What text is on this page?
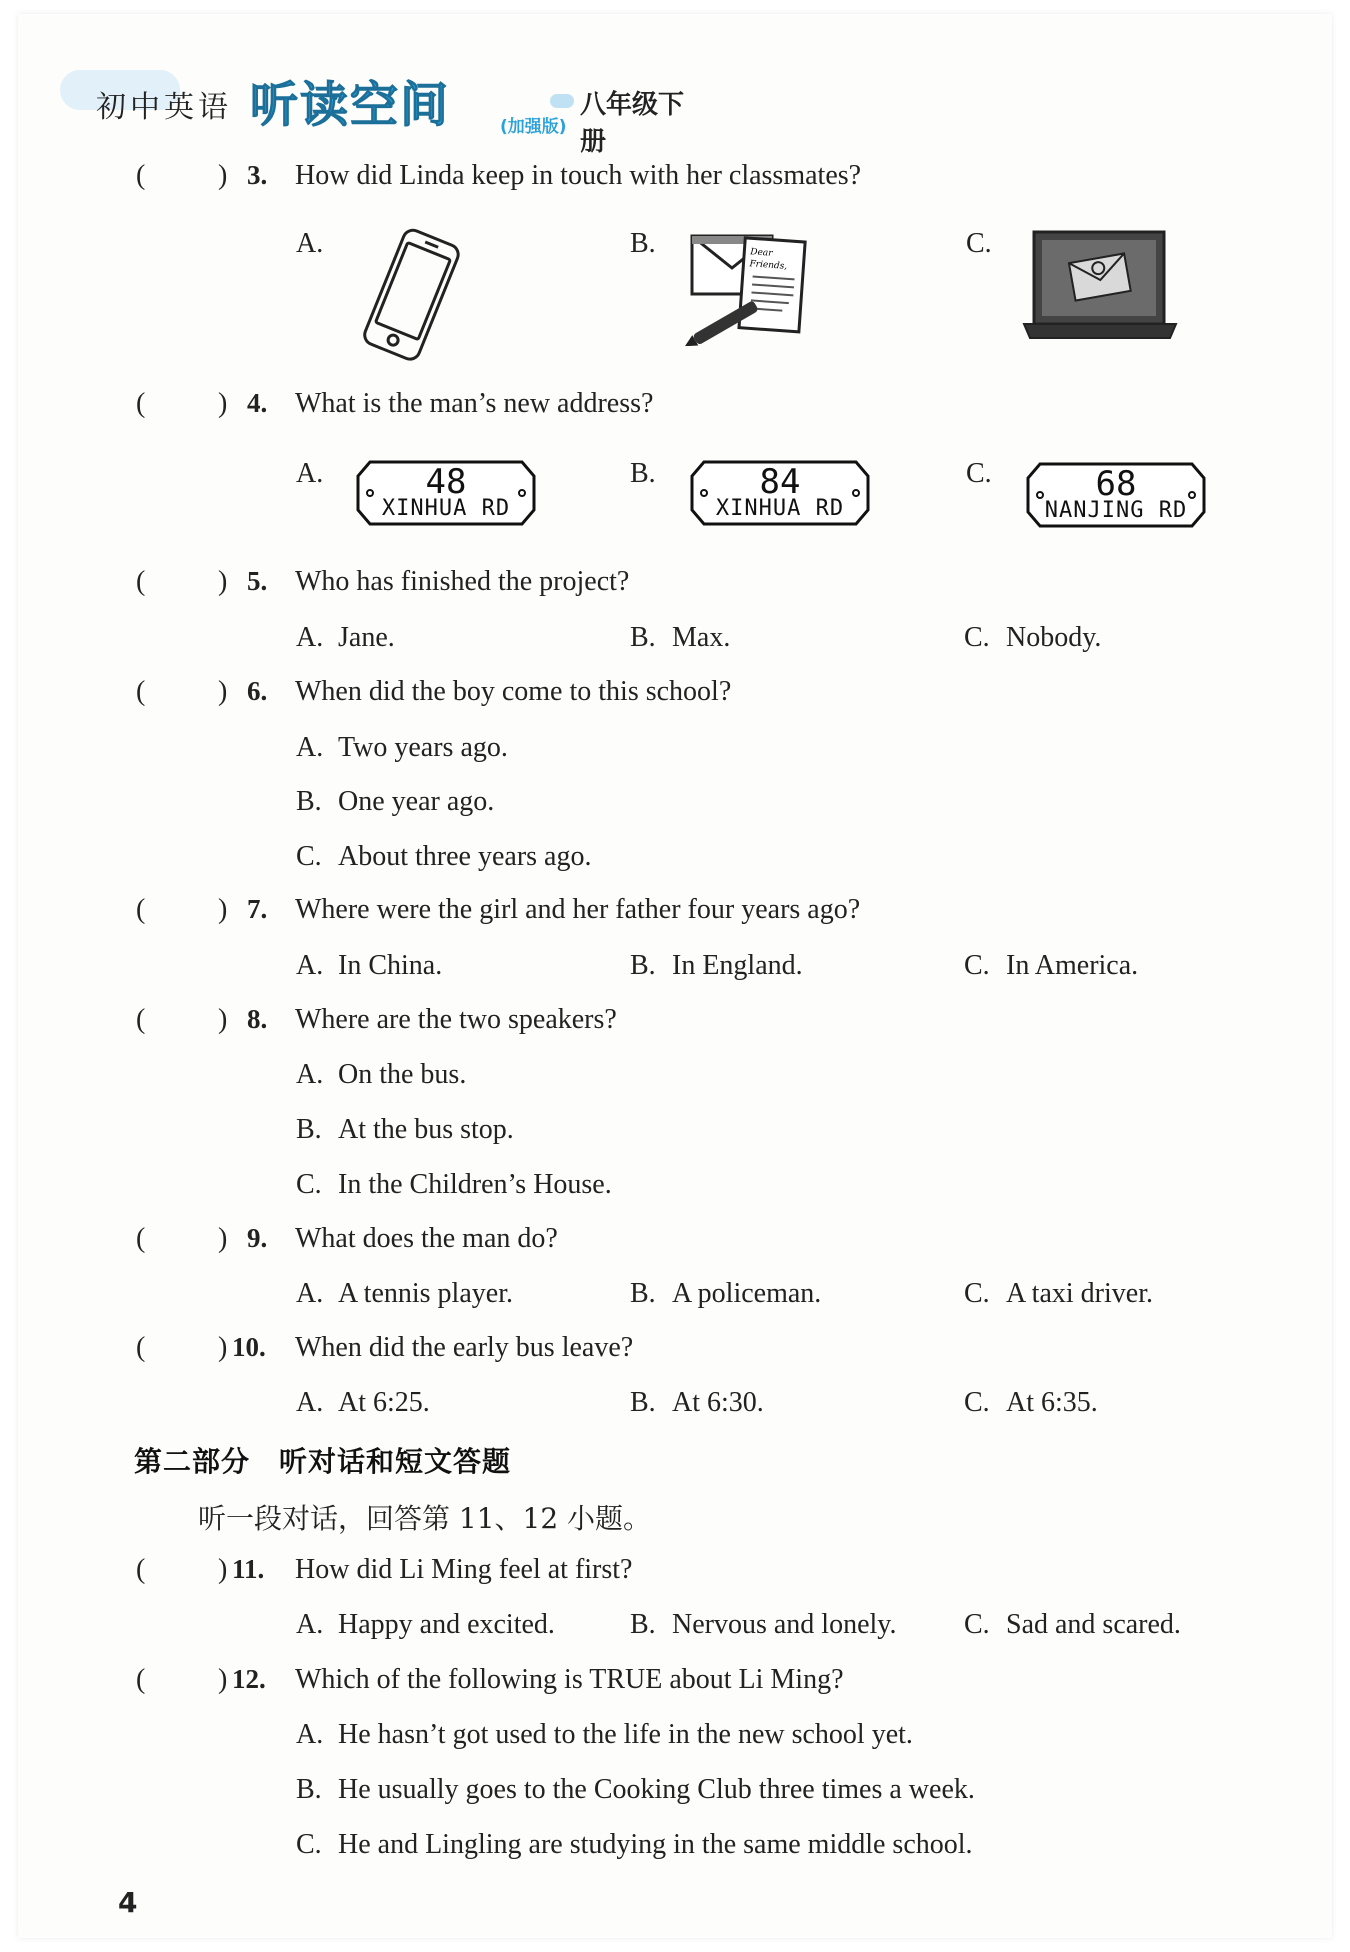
初中英语 听读空间	(加强版)
八年级下册
(	) 3. How did Linda keep in touch with her classmates?
A.	B.	C.
Dear
Friends,
(	) 4. What is the man’s new address?
A.	B.	C.
48
XINHUA RD
84
XINHUA RD
68
NANJING RD
(	) 5. Who has finished the project?
A. Jane.	B. Max.	C. Nobody.
(	) 6. When did the boy come to this school?
A. Two years ago.
B. One year ago.
C. About three years ago.
(	) 7. Where were the girl and her father four years ago?
A. In China.	B. In England.	C. In America.
(	) 8. Where are the two speakers?
A. On the bus.
B. At the bus stop.
C. In the Children’s House.
(	) 9. What does the man do?
A. A tennis player.	B. A policeman.	C. A taxi driver.
(	) 10. When did the early bus leave?
A. At 6:25.	B. At 6:30.	C. At 6:35.
第二部分　听对话和短文答题
听一段对话，回答第 11、12 小题。
(	) 11. How did Li Ming feel at first?
A. Happy and excited.	B. Nervous and lonely. C. Sad and scared.
(	) 12. Which of the following is TRUE about Li Ming?
A. He hasn’t got used to the life in the new school yet.
B. He usually goes to the Cooking Club three times a week.
C. He and Lingling are studying in the same middle school.
4
